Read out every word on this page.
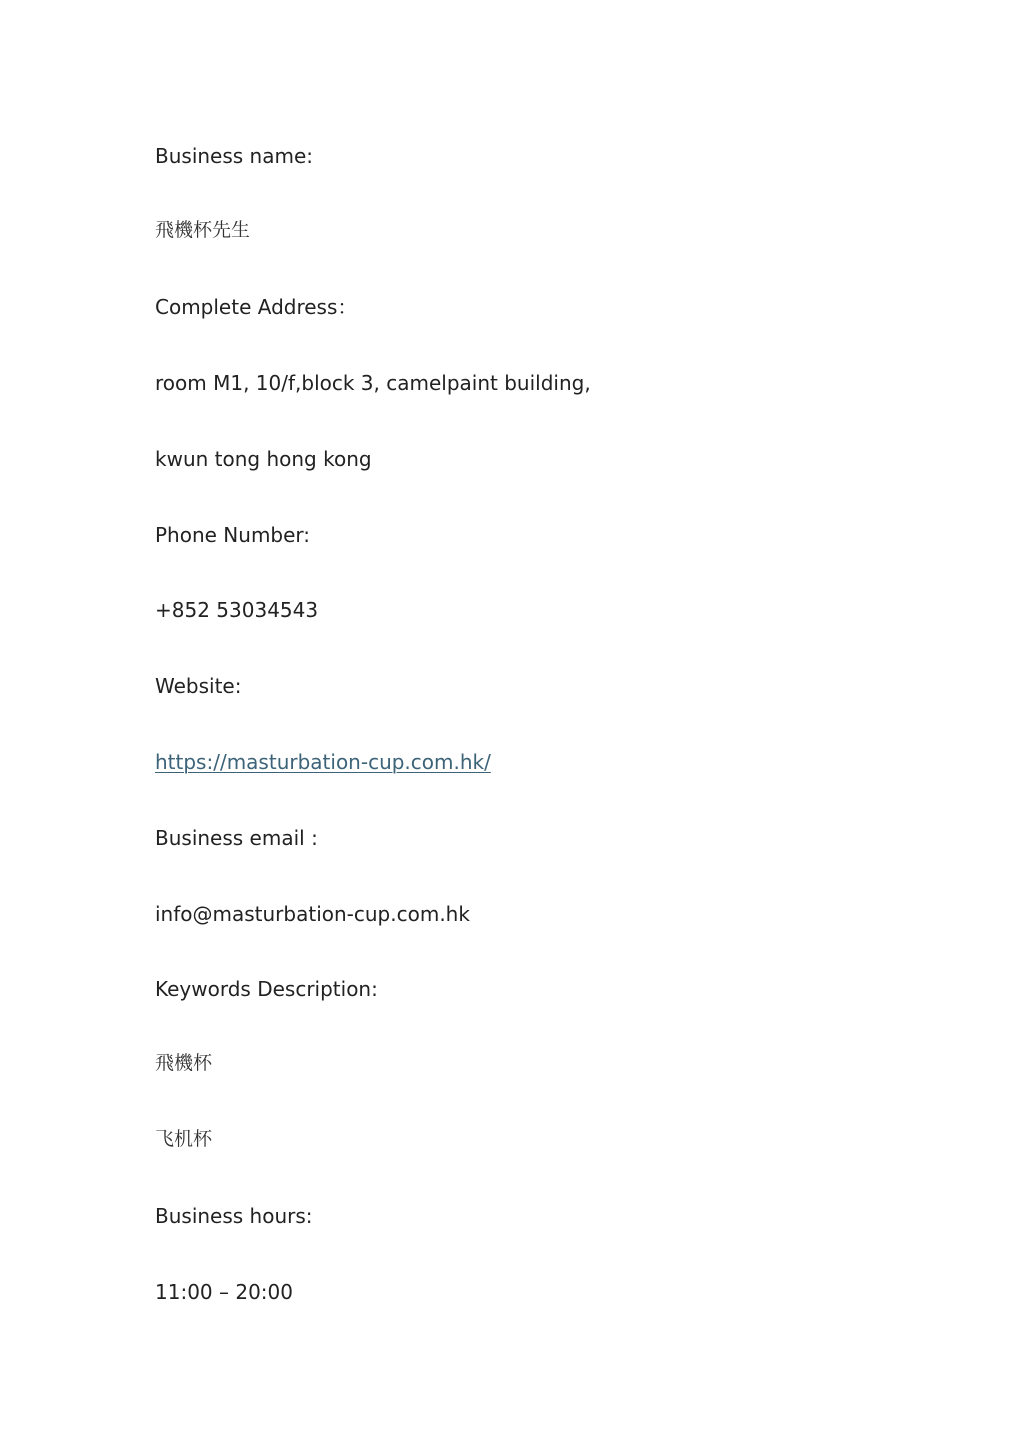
Business name:

飛機杯先生

Complete Address：

room M1, 10/f,block 3, camelpaint building,

kwun tong hong kong

Phone Number:

+852 53034543

Website:

https://masturbation-cup.com.hk/

Business email :

info@masturbation-cup.com.hk

Keywords Description:

飛機杯

飞机杯

Business hours:

11:00 – 20:00
